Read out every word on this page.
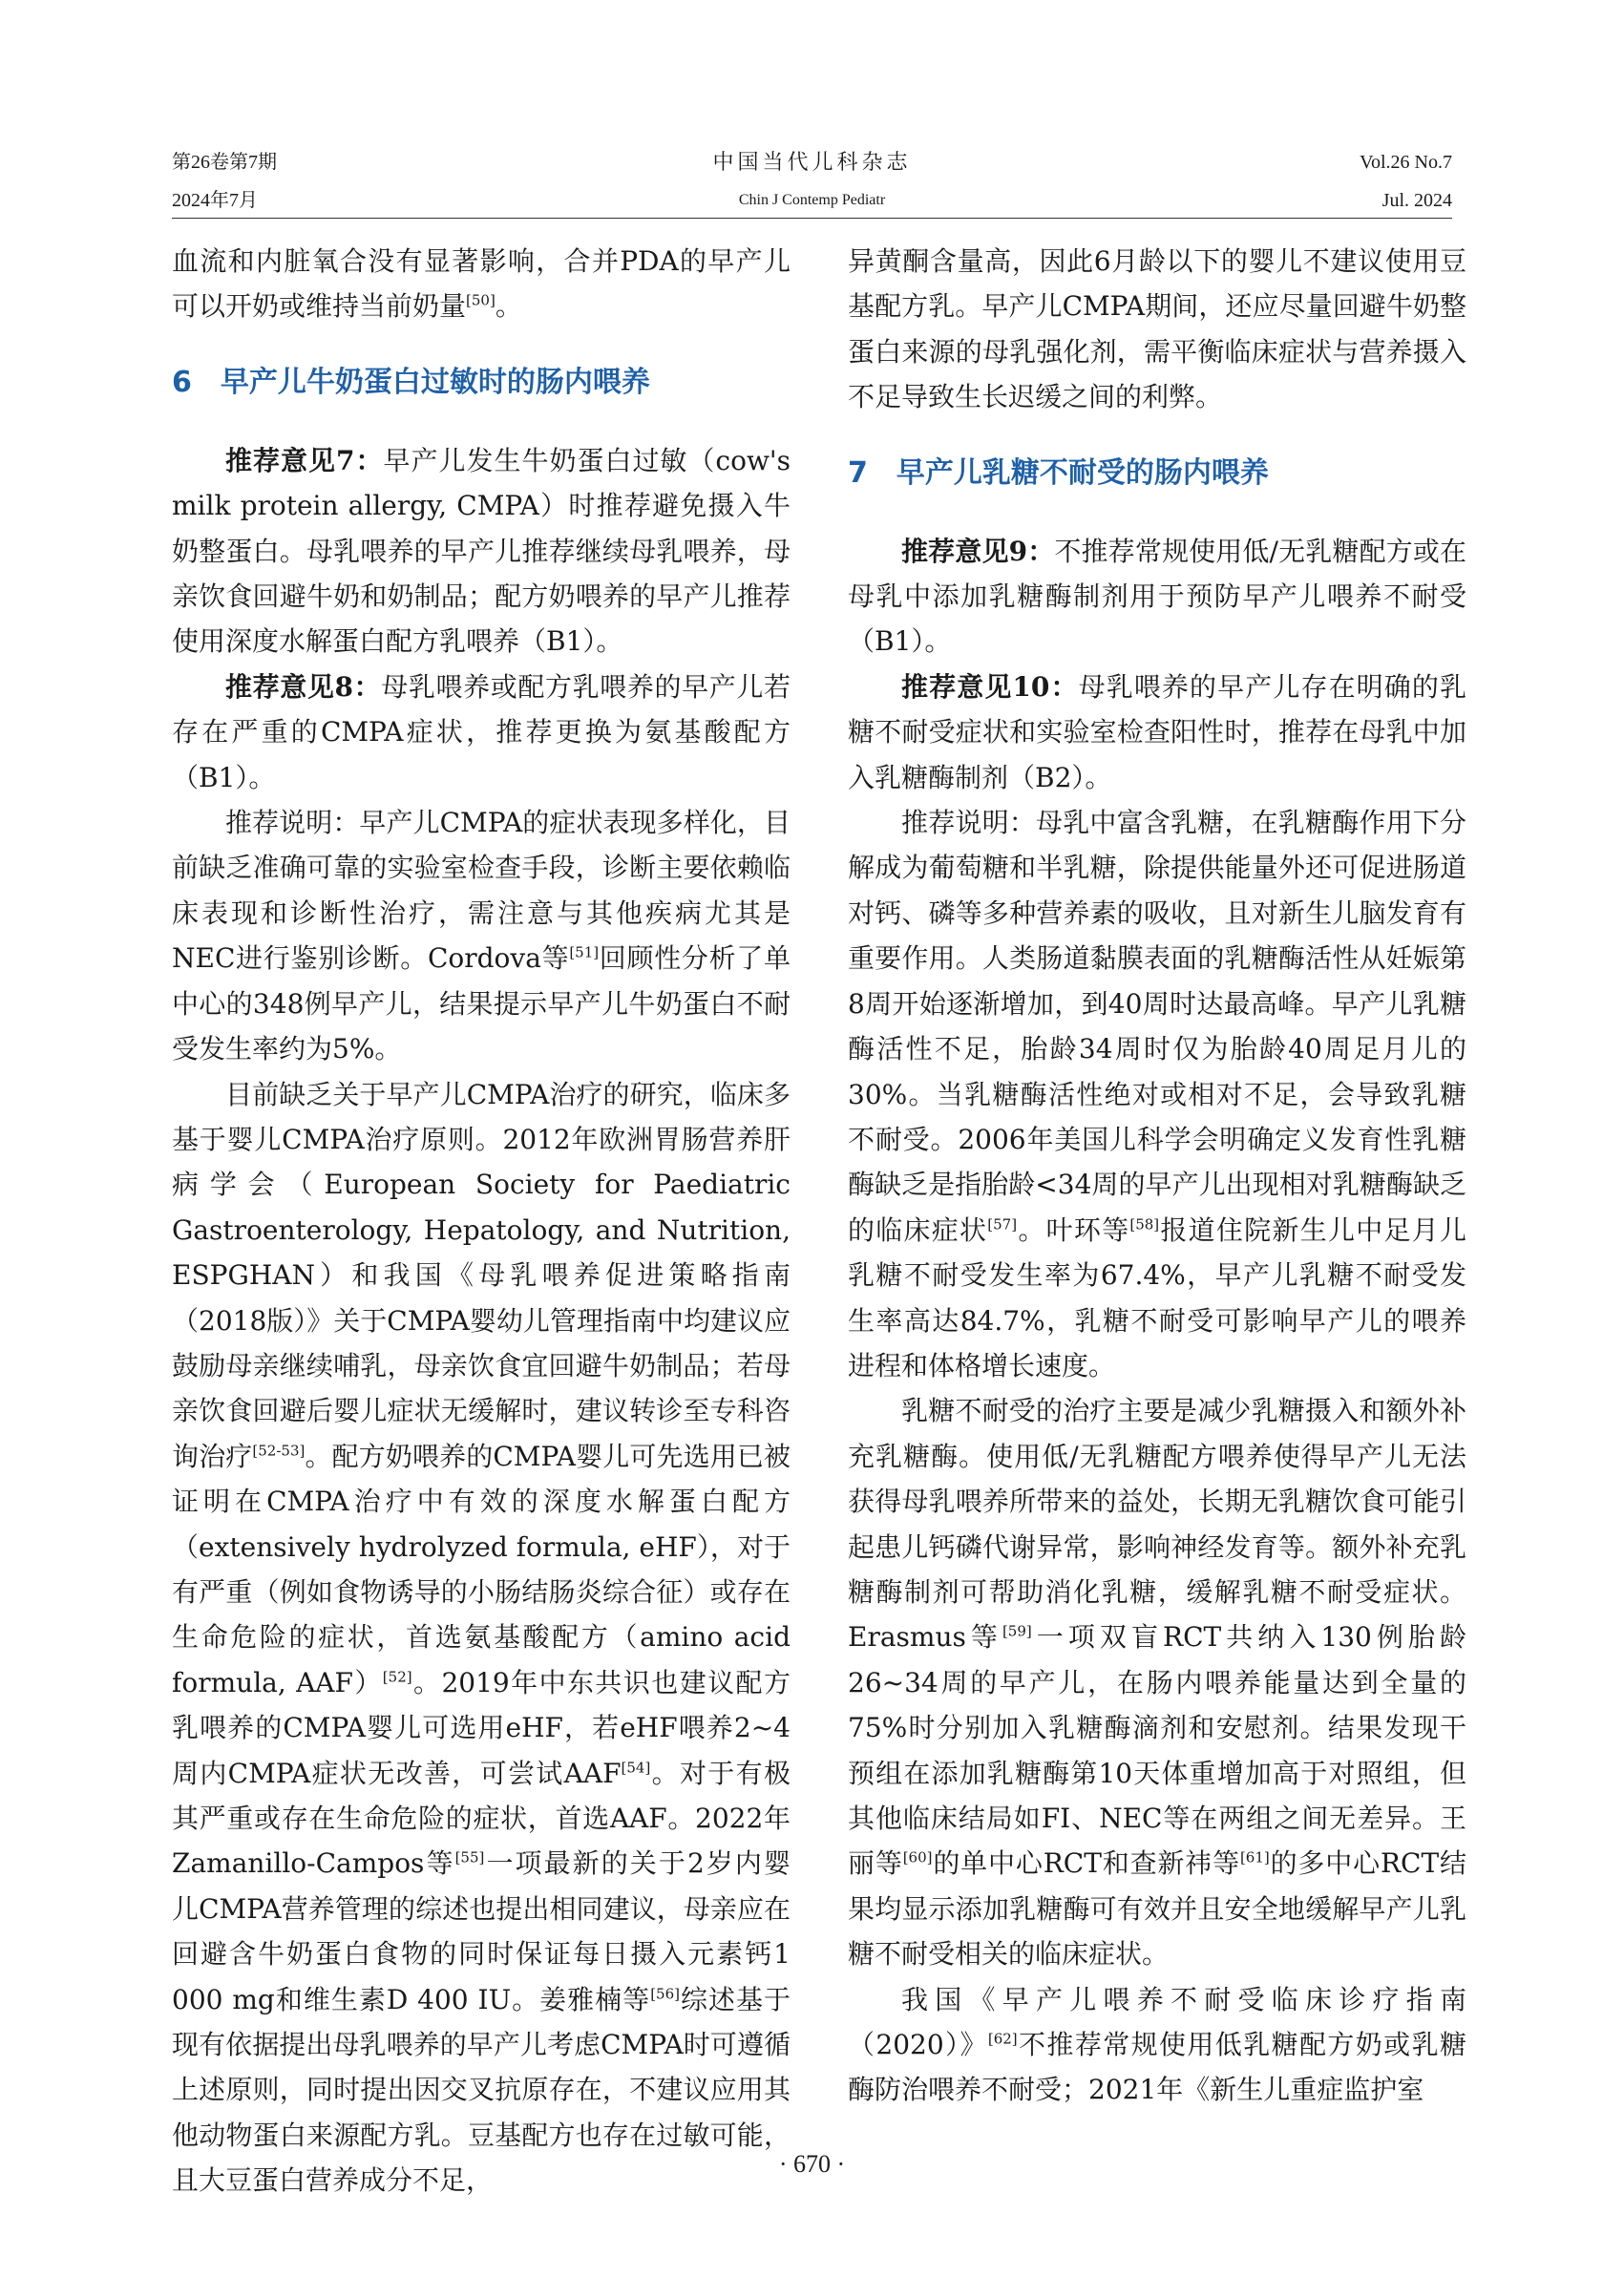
第26卷第7期
2024年7月
中国当代儿科杂志
Chin J Contemp Pediatr
Vol.26 No.7
Jul. 2024

血流和内脏氧合没有显著影响，合并PDA的早产儿可以开奶或维持当前奶量[50]。

6　早产儿牛奶蛋白过敏时的肠内喂养

推荐意见7：早产儿发生牛奶蛋白过敏（cow's milk protein allergy, CMPA）时推荐避免摄入牛奶整蛋白。母乳喂养的早产儿推荐继续母乳喂养，母亲饮食回避牛奶和奶制品；配方奶喂养的早产儿推荐使用深度水解蛋白配方乳喂养（B1）。

推荐意见8：母乳喂养或配方乳喂养的早产儿若存在严重的CMPA症状，推荐更换为氨基酸配方（B1）。

推荐说明：早产儿CMPA的症状表现多样化，目前缺乏准确可靠的实验室检查手段，诊断主要依赖临床表现和诊断性治疗，需注意与其他疾病尤其是NEC进行鉴别诊断。Cordova等[51]回顾性分析了单中心的348例早产儿，结果提示早产儿牛奶蛋白不耐受发生率约为5%。

目前缺乏关于早产儿CMPA治疗的研究，临床多基于婴儿CMPA治疗原则。2012年欧洲胃肠营养肝病学会（European Society for Paediatric Gastroenterology, Hepatology, and Nutrition, ESPGHAN）和我国《母乳喂养促进策略指南（2018版）》关于CMPA婴幼儿管理指南中均建议应鼓励母亲继续哺乳，母亲饮食宜回避牛奶制品；若母亲饮食回避后婴儿症状无缓解时，建议转诊至专科咨询治疗[52-53]。配方奶喂养的CMPA婴儿可先选用已被证明在CMPA治疗中有效的深度水解蛋白配方（extensively hydrolyzed formula, eHF），对于有严重（例如食物诱导的小肠结肠炎综合征）或存在生命危险的症状，首选氨基酸配方（amino acid formula, AAF）[52]。2019年中东共识也建议配方乳喂养的CMPA婴儿可选用eHF，若eHF喂养2~4周内CMPA症状无改善，可尝试AAF[54]。对于有极其严重或存在生命危险的症状，首选AAF。2022年Zamanillo-Campos等[55]一项最新的关于2岁内婴儿CMPA营养管理的综述也提出相同建议，母亲应在回避含牛奶蛋白食物的同时保证每日摄入元素钙1 000 mg和维生素D 400 IU。姜雅楠等[56]综述基于现有依据提出母乳喂养的早产儿考虑CMPA时可遵循上述原则，同时提出因交叉抗原存在，不建议应用其他动物蛋白来源配方乳。豆基配方也存在过敏可能，且大豆蛋白营养成分不足，

异黄酮含量高，因此6月龄以下的婴儿不建议使用豆基配方乳。早产儿CMPA期间，还应尽量回避牛奶整蛋白来源的母乳强化剂，需平衡临床症状与营养摄入不足导致生长迟缓之间的利弊。

7　早产儿乳糖不耐受的肠内喂养

推荐意见9：不推荐常规使用低/无乳糖配方或在母乳中添加乳糖酶制剂用于预防早产儿喂养不耐受（B1）。

推荐意见10：母乳喂养的早产儿存在明确的乳糖不耐受症状和实验室检查阳性时，推荐在母乳中加入乳糖酶制剂（B2）。

推荐说明：母乳中富含乳糖，在乳糖酶作用下分解成为葡萄糖和半乳糖，除提供能量外还可促进肠道对钙、磷等多种营养素的吸收，且对新生儿脑发育有重要作用。人类肠道黏膜表面的乳糖酶活性从妊娠第8周开始逐渐增加，到40周时达最高峰。早产儿乳糖酶活性不足，胎龄34周时仅为胎龄40周足月儿的30%。当乳糖酶活性绝对或相对不足，会导致乳糖不耐受。2006年美国儿科学会明确定义发育性乳糖酶缺乏是指胎龄<34周的早产儿出现相对乳糖酶缺乏的临床症状[57]。叶环等[58]报道住院新生儿中足月儿乳糖不耐受发生率为67.4%，早产儿乳糖不耐受发生率高达84.7%，乳糖不耐受可影响早产儿的喂养进程和体格增长速度。

乳糖不耐受的治疗主要是减少乳糖摄入和额外补充乳糖酶。使用低/无乳糖配方喂养使得早产儿无法获得母乳喂养所带来的益处，长期无乳糖饮食可能引起患儿钙磷代谢异常，影响神经发育等。额外补充乳糖酶制剂可帮助消化乳糖，缓解乳糖不耐受症状。Erasmus等[59]一项双盲RCT共纳入130例胎龄26~34周的早产儿，在肠内喂养能量达到全量的75%时分别加入乳糖酶滴剂和安慰剂。结果发现干预组在添加乳糖酶第10天体重增加高于对照组，但其他临床结局如FI、NEC等在两组之间无差异。王丽等[60]的单中心RCT和查新祎等[61]的多中心RCT结果均显示添加乳糖酶可有效并且安全地缓解早产儿乳糖不耐受相关的临床症状。

我国《早产儿喂养不耐受临床诊疗指南（2020）》[62]不推荐常规使用低乳糖配方奶或乳糖酶防治喂养不耐受；2021年《新生儿重症监护室

· 670 ·
